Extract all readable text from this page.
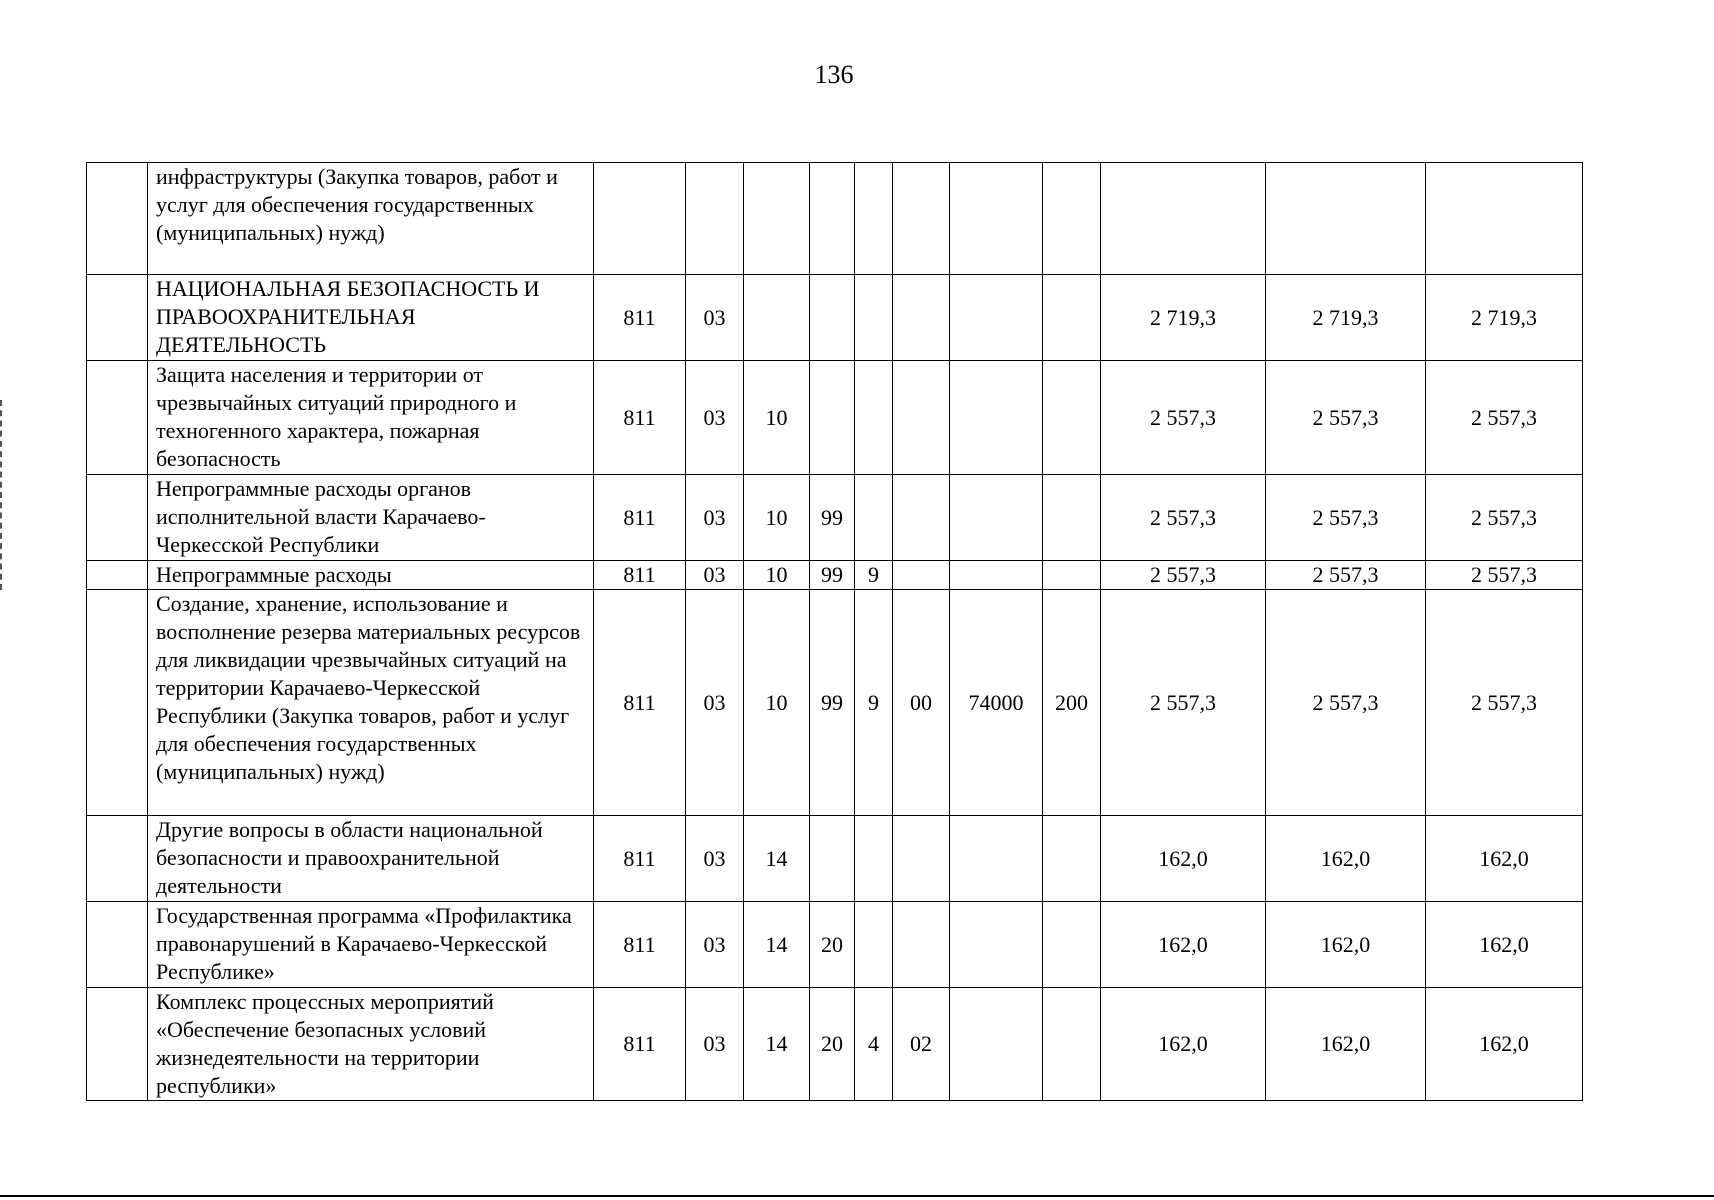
136
	инфраструктуры (Закупка товаров, работ и услуг для обеспечения государственных (муниципальных) нужд)											
	НАЦИОНАЛЬНАЯ БЕЗОПАСНОСТЬ И ПРАВООХРАНИТЕЛЬНАЯ ДЕЯТЕЛЬНОСТЬ	811	03							2 719,3	2 719,3	2 719,3
	Защита населения и территории от чрезвычайных ситуаций природного и техногенного характера, пожарная безопасность	811	03	10						2 557,3	2 557,3	2 557,3
	Непрограммные расходы органов исполнительной власти Карачаево-Черкесской Республики	811	03	10	99					2 557,3	2 557,3	2 557,3
	Непрограммные расходы	811	03	10	99	9				2 557,3	2 557,3	2 557,3
	Создание, хранение, использование и восполнение резерва материальных ресурсов для ликвидации чрезвычайных ситуаций на территории Карачаево-Черкесской Республики (Закупка товаров, работ и услуг для обеспечения государственных (муниципальных) нужд)	811	03	10	99	9	00	74000	200	2 557,3	2 557,3	2 557,3
	Другие вопросы в области национальной безопасности и правоохранительной деятельности	811	03	14						162,0	162,0	162,0
	Государственная программа «Профилактика правонарушений в Карачаево-Черкесской Республике»	811	03	14	20					162,0	162,0	162,0
	Комплекс процессных мероприятий «Обеспечение безопасных условий жизнедеятельности на территории республики»	811	03	14	20	4	02			162,0	162,0	162,0
